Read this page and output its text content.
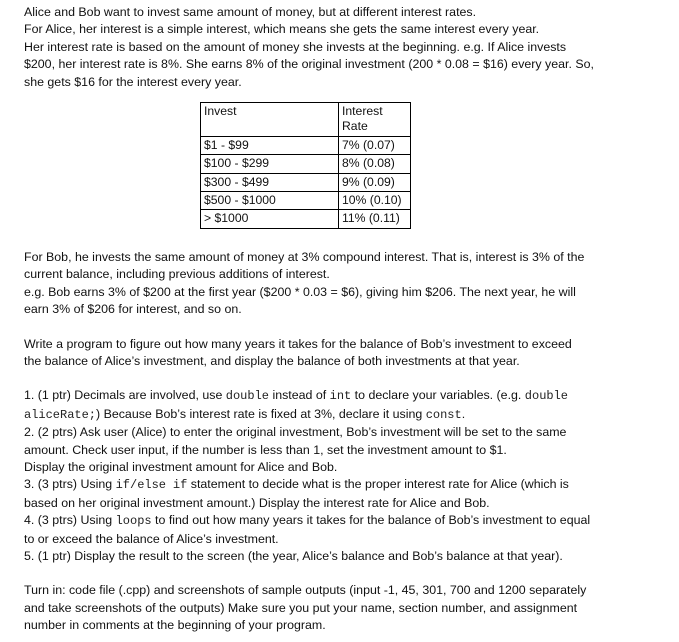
Alice and Bob want to invest same amount of money, but at different interest rates.

For Alice, her interest is a simple interest, which means she gets the same interest every year.

Her interest rate is based on the amount of money she invests at the beginning. e.g. If Alice invests

$200, her interest rate is 8%. She earns 8% of the original investment (200 * 0.08 = $16) every year. So,

she gets $16 for the interest every year.

Invest	Interest Rate
$1 - $99	7% (0.07)
$100 - $299	8% (0.08)
$300 - $499	9% (0.09)
$500 - $1000	10% (0.10)
> $1000	11% (0.11)

For Bob, he invests the same amount of money at 3% compound interest. That is, interest is 3% of the

current balance, including previous additions of interest.

e.g. Bob earns 3% of $200 at the first year ($200 * 0.03 = $6), giving him $206. The next year, he will

earn 3% of $206 for interest, and so on.

Write a program to figure out how many years it takes for the balance of Bob’s investment to exceed

the balance of Alice’s investment, and display the balance of both investments at that year.

1. (1 ptr) Decimals are involved, use double instead of int to declare your variables. (e.g. double

aliceRate;) Because Bob’s interest rate is fixed at 3%, declare it using const.

2. (2 ptrs) Ask user (Alice) to enter the original investment, Bob’s investment will be set to the same

amount. Check user input, if the number is less than 1, set the investment amount to $1.

Display the original investment amount for Alice and Bob.

3. (3 ptrs) Using if/else if statement to decide what is the proper interest rate for Alice (which is

based on her original investment amount.) Display the interest rate for Alice and Bob.

4. (3 ptrs) Using loops to find out how many years it takes for the balance of Bob’s investment to equal

to or exceed the balance of Alice’s investment.

5. (1 ptr) Display the result to the screen (the year, Alice’s balance and Bob’s balance at that year).

Turn in: code file (.cpp) and screenshots of sample outputs (input -1, 45, 301, 700 and 1200 separately

and take screenshots of the outputs) Make sure you put your name, section number, and assignment

number in comments at the beginning of your program.
